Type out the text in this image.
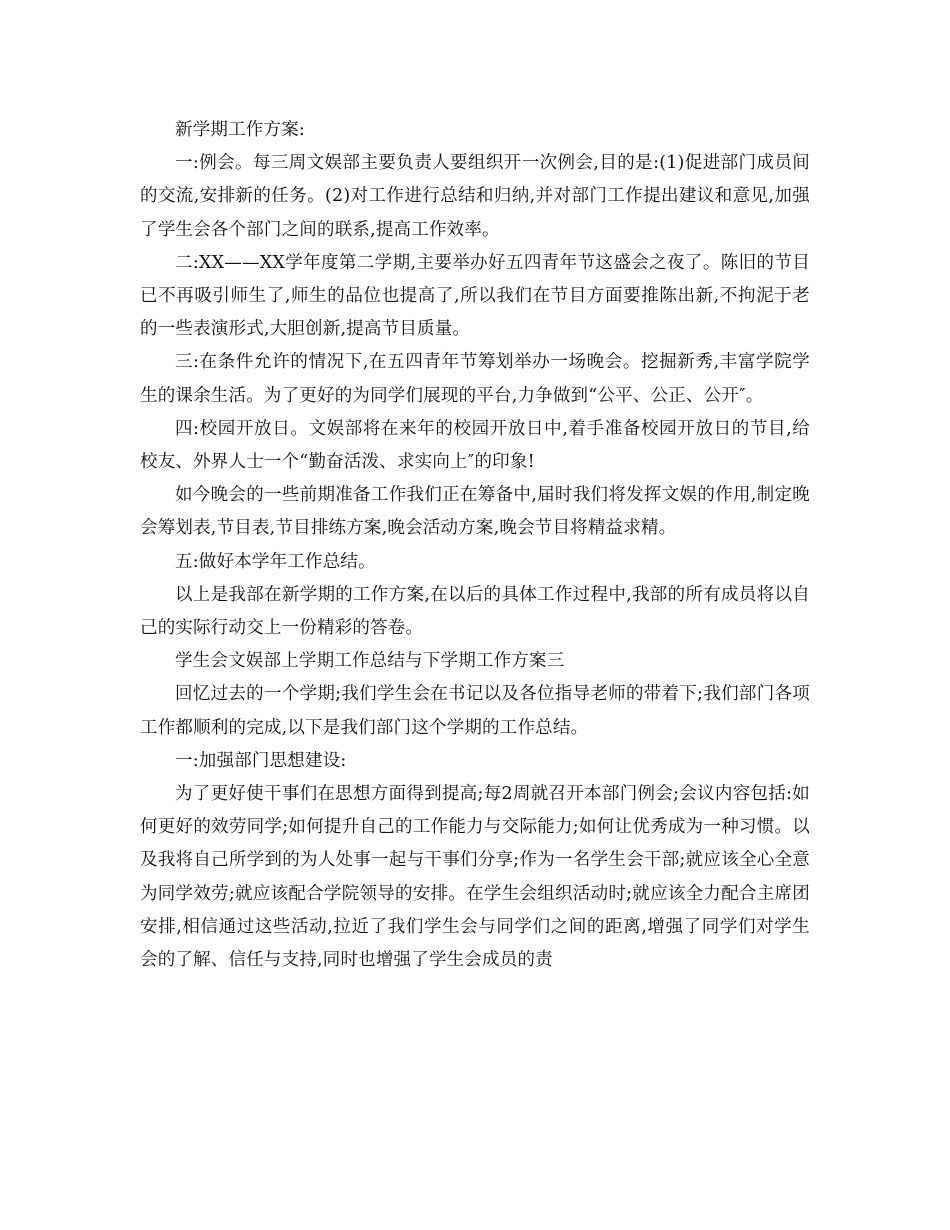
新学期工作方案:

一:例会。每三周文娱部主要负责人要组织开一次例会,目的是:(1)促进部门成员间的交流,安排新的任务。(2)对工作进行总结和归纳,并对部门工作提出建议和意见,加强了学生会各个部门之间的联系,提高工作效率。

二:XX——XX学年度第二学期,主要举办好五四青年节这盛会之夜了。陈旧的节目已不再吸引师生了,师生的品位也提高了,所以我们在节目方面要推陈出新,不拘泥于老的一些表演形式,大胆创新,提高节目质量。

三:在条件允许的情况下,在五四青年节筹划举办一场晚会。挖掘新秀,丰富学院学生的课余生活。为了更好的为同学们展现的平台,力争做到“公平、公正、公开″。

四:校园开放日。文娱部将在来年的校园开放日中,着手准备校园开放日的节目,给校友、外界人士一个“勤奋活泼、求实向上″的印象!

如今晚会的一些前期准备工作我们正在筹备中,届时我们将发挥文娱的作用,制定晚会筹划表,节目表,节目排练方案,晚会活动方案,晚会节目将精益求精。

五:做好本学年工作总结。

以上是我部在新学期的工作方案,在以后的具体工作过程中,我部的所有成员将以自己的实际行动交上一份精彩的答卷。

学生会文娱部上学期工作总结与下学期工作方案三

回忆过去的一个学期;我们学生会在书记以及各位指导老师的带着下;我们部门各项工作都顺利的完成,以下是我们部门这个学期的工作总结。

一:加强部门思想建设:

为了更好使干事们在思想方面得到提高;每2周就召开本部门例会;会议内容包括:如何更好的效劳同学;如何提升自己的工作能力与交际能力;如何让优秀成为一种习惯。以及我将自己所学到的为人处事一起与干事们分享;作为一名学生会干部;就应该全心全意为同学效劳;就应该配合学院领导的安排。在学生会组织活动时;就应该全力配合主席团安排,相信通过这些活动,拉近了我们学生会与同学们之间的距离,增强了同学们对学生会的了解、信任与支持,同时也增强了学生会成员的责
